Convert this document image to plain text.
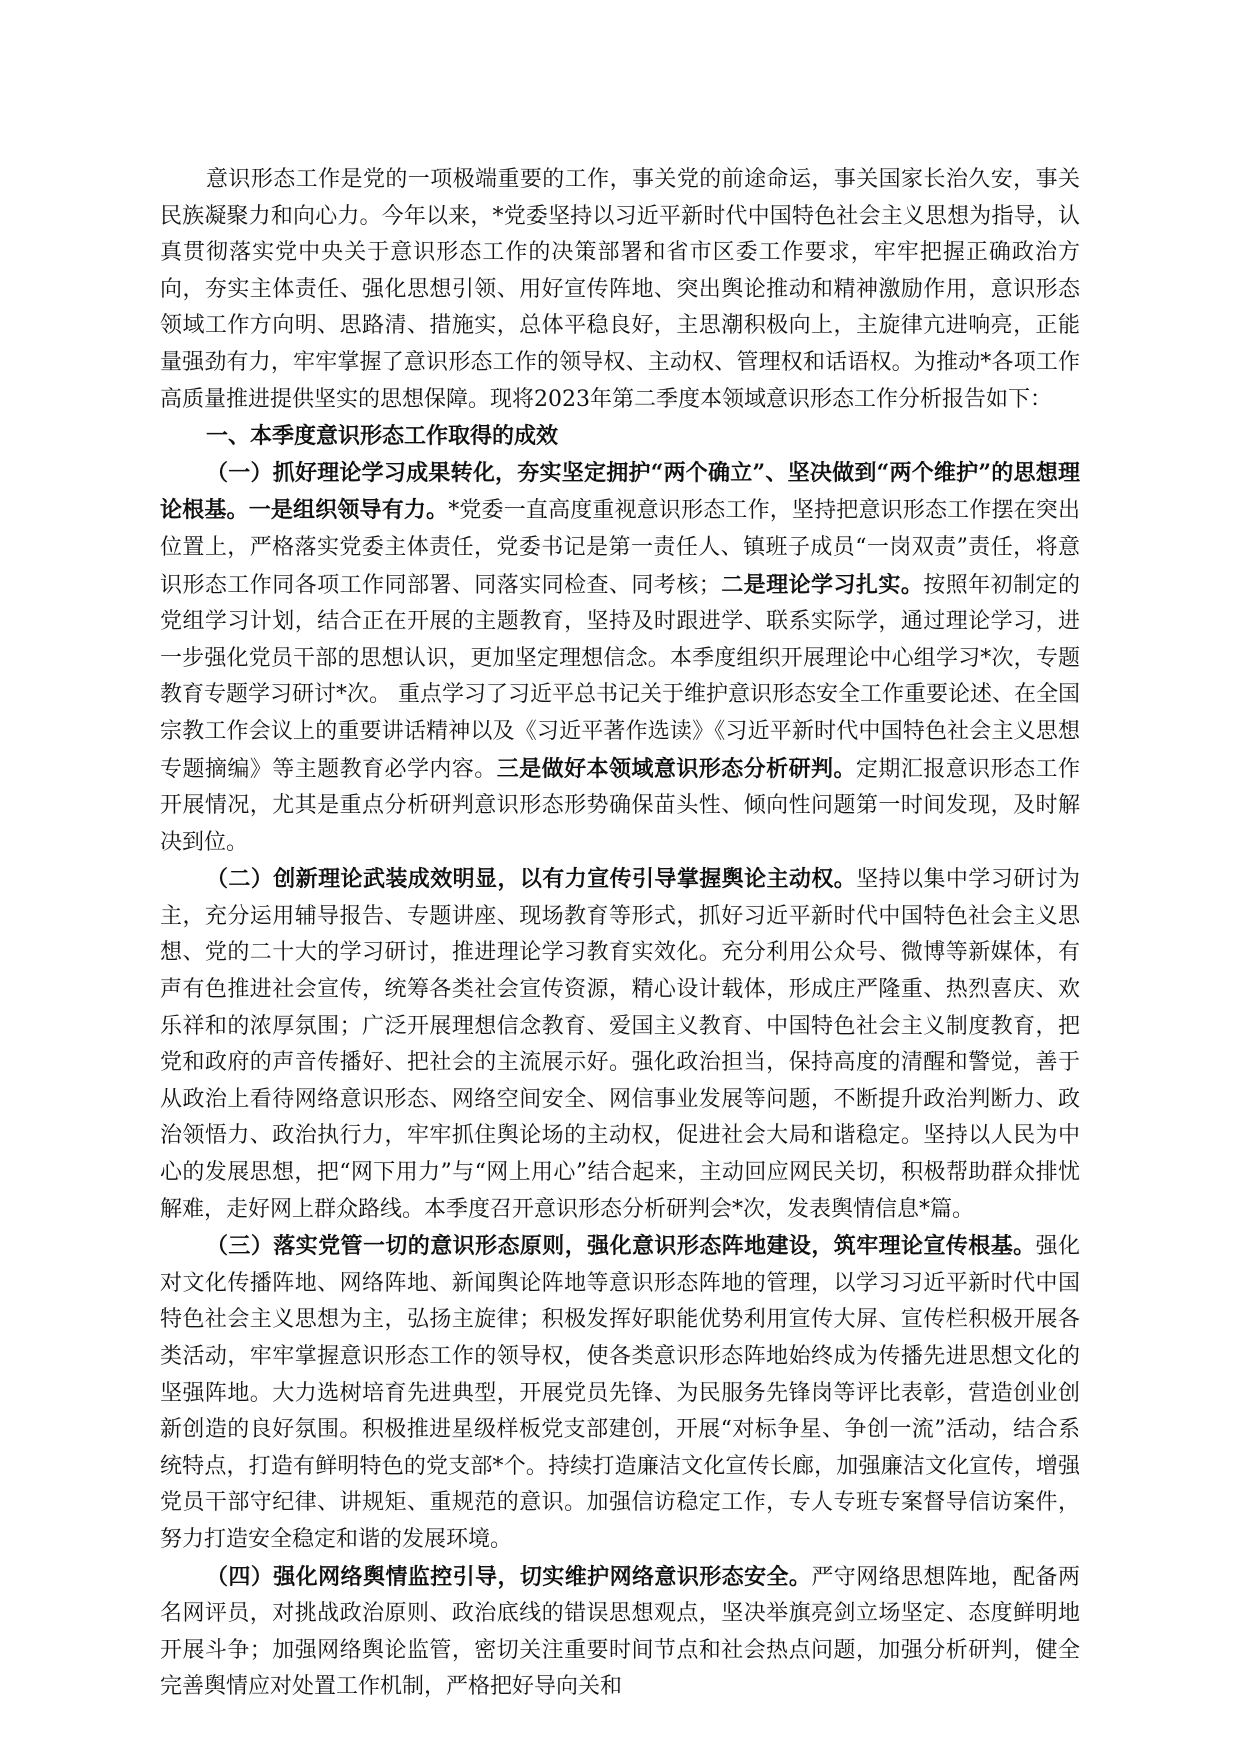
意识形态工作是党的一项极端重要的工作，事关党的前途命运，事关国家长治久安，事关民族凝聚力和向心力。今年以来，*党委坚持以习近平新时代中国特色社会主义思想为指导，认真贯彻落实党中央关于意识形态工作的决策部署和省市区委工作要求，牢牢把握正确政治方向，夯实主体责任、强化思想引领、用好宣传阵地、突出舆论推动和精神激励作用，意识形态领域工作方向明、思路清、措施实，总体平稳良好，主思潮积极向上，主旋律亢进响亮，正能量强劲有力，牢牢掌握了意识形态工作的领导权、主动权、管理权和话语权。为推动*各项工作高质量推进提供坚实的思想保障。现将2023年第二季度本领域意识形态工作分析报告如下：

一、本季度意识形态工作取得的成效

（一）抓好理论学习成果转化，夯实坚定拥护“两个确立”、坚决做到“两个维护”的思想理论根基。一是组织领导有力。*党委一直高度重视意识形态工作，坚持把意识形态工作摆在突出位置上，严格落实党委主体责任，党委书记是第一责任人、镇班子成员“一岗双责”责任，将意识形态工作同各项工作同部署、同落实同检查、同考核；二是理论学习扎实。按照年初制定的党组学习计划，结合正在开展的主题教育，坚持及时跟进学、联系实际学，通过理论学习，进一步强化党员干部的思想认识，更加坚定理想信念。本季度组织开展理论中心组学习*次，专题教育专题学习研讨*次。 重点学习了习近平总书记关于维护意识形态安全工作重要论述、在全国宗教工作会议上的重要讲话精神以及《习近平著作选读》《习近平新时代中国特色社会主义思想专题摘编》等主题教育必学内容。三是做好本领域意识形态分析研判。定期汇报意识形态工作开展情况，尤其是重点分析研判意识形态形势确保苗头性、倾向性问题第一时间发现，及时解决到位。

（二）创新理论武装成效明显，以有力宣传引导掌握舆论主动权。坚持以集中学习研讨为主，充分运用辅导报告、专题讲座、现场教育等形式，抓好习近平新时代中国特色社会主义思想、党的二十大的学习研讨，推进理论学习教育实效化。充分利用公众号、微博等新媒体，有声有色推进社会宣传，统筹各类社会宣传资源，精心设计载体，形成庄严隆重、热烈喜庆、欢乐祥和的浓厚氛围；广泛开展理想信念教育、爱国主义教育、中国特色社会主义制度教育，把党和政府的声音传播好、把社会的主流展示好。强化政治担当，保持高度的清醒和警觉，善于从政治上看待网络意识形态、网络空间安全、网信事业发展等问题，不断提升政治判断力、政治领悟力、政治执行力，牢牢抓住舆论场的主动权，促进社会大局和谐稳定。坚持以人民为中心的发展思想，把“网下用力”与“网上用心”结合起来，主动回应网民关切，积极帮助群众排忧解难，走好网上群众路线。本季度召开意识形态分析研判会*次，发表舆情信息*篇。

（三）落实党管一切的意识形态原则，强化意识形态阵地建设，筑牢理论宣传根基。强化对文化传播阵地、网络阵地、新闻舆论阵地等意识形态阵地的管理，以学习习近平新时代中国特色社会主义思想为主，弘扬主旋律；积极发挥好职能优势利用宣传大屏、宣传栏积极开展各类活动，牢牢掌握意识形态工作的领导权，使各类意识形态阵地始终成为传播先进思想文化的坚强阵地。大力选树培育先进典型，开展党员先锋、为民服务先锋岗等评比表彰，营造创业创新创造的良好氛围。积极推进星级样板党支部建创，开展“对标争星、争创一流”活动，结合系统特点，打造有鲜明特色的党支部*个。持续打造廉洁文化宣传长廊，加强廉洁文化宣传，增强党员干部守纪律、讲规矩、重规范的意识。加强信访稳定工作，专人专班专案督导信访案件，努力打造安全稳定和谐的发展环境。

（四）强化网络舆情监控引导，切实维护网络意识形态安全。严守网络思想阵地，配备两名网评员，对挑战政治原则、政治底线的错误思想观点，坚决举旗亮剑立场坚定、态度鲜明地开展斗争；加强网络舆论监管，密切关注重要时间节点和社会热点问题，加强分析研判，健全完善舆情应对处置工作机制，严格把好导向关和
